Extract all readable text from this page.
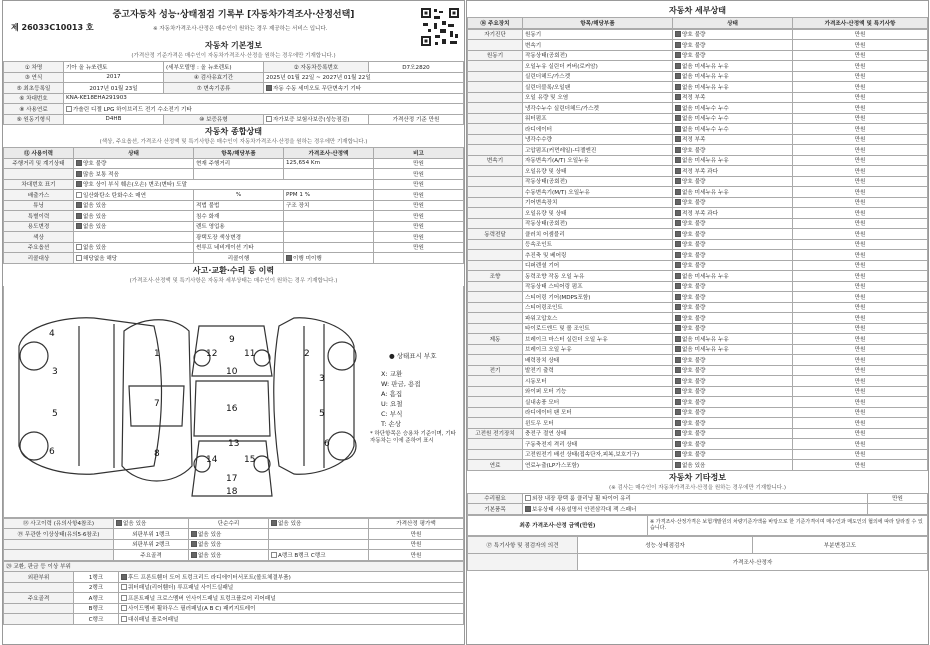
중고자동차 성능·상태점검 기록부 [자동차가격조사·산정선택]
제 26033C10013 호	※ 자동차가격조사·산정은 매수인이 원하는 경우 제공하는 서비스 입니다.
자동차 기본정보
(가격산정 기준가격은 매수인이 자동차가격조사·산정을 원하는 경우에만 기재합니다.)
① 차명	기아 올 뉴쏘렌토	(세부모델명 : 올 뉴쏘렌토)	② 자동차등록번호	D7오2820
③ 연식	2017	④ 검사유효기간	2025년 01월 22일 ~ 2027년 01월 22일	
⑤ 최초등록일	2017년 01월 23일	⑦ 변속기종류	자동 수동 세미오토 무단변속기 기타	
⑥ 차대번호	KNA-KE18EHA291903			
⑧ 사용연료	가솔린 디젤 LPG 하이브리드 전기 수소전기 기타			
⑨ 원동기형식	D4HB	⑩ 보증유형	자가보증 보험사보증(성능점검)	가격산정 기준 만원
자동차 종합상태
(색상, 주요옵션, 가격조사 산정액 및 특기사항은 매수인이 자동차가격조사·산정을 원하는 경우에만 기재합니다.)
⑪ 사용이력	상태	항목/해당부품	가격조사·산정액	비고
주행거리 및 계기상태	양호 불량	현재 주행거리	125,654 Km	만원
	많음 보통 적음			만원
차대번호 표기	양호 상이 부식 훼손(오손) 변조(변타) 도말			만원
배출가스	일산화탄소 탄화수소 매연	%	PPM 1 %	만원
튜닝	없음 있음	적법 불법	구조 장치	만원
특별이력	없음 있음	침수 화재		만원
용도변경	없음 있음	렌트 영업용		만원
색상		광택도장 색상변경		만원
주요옵션	없음 있음	썬루프 네비게이션 기타		만원
리콜대상	해당없음 해당	리콜이행	이행 미이행	
사고·교환·수리 등 이력
(가격조사·산정액 및 특기사항은 자동차 세부상태는 매수인이 원하는 경우 기재합니다.)
4
3
5
6
1
7
8
9
12	11
10
16
13
14	15
17
18
2
3
5
6
● 상태표시 부호
X: 교환
W: 판금, 용접
A: 흠집
U: 요철
C: 부식
T: 손상
* 하단항목은 승용차 기준이며, 기타 자동차는 이에 준하여 표시
⑱ 사고이력 (유의사항4참조)	없음 있음	단순수리	없음 있음	가격산정 평가액
⑲ 무관한 이상상태(유의5·6참조)	외판부위 1랭크	없음 있음		만원
	외판부위 2랭크	없음 있음		만원
	주요골격	없음 있음	A랭크 B랭크 C랭크	만원
⑳ 교환, 판금 등 이상 부위		
외판부위	1랭크	후드 프론트휀더 도어 트렁크리드 라디에이터서포트(볼트체결부품)
	2랭크	쿼터패널(리어휀더) 루프패널 사이드실패널
주요골격	A랭크	프론트패널 크로스멤버 인사이드패널 트렁크플로어 리어패널
	B랭크	사이드멤버 휠하우스 필러패널(A B C) 패키지트레이
	C랭크	대쉬패널 플로어패널
자동차 세부상태
⑯ 주요장치	항목/해당부품	상태	가격조사·산정액 및 특기사항
자기진단	원동기	양호 불량	만원
	변속기	양호 불량	만원
원동기	작동상태(공회전)	양호 불량	만원
	오일누유 실린더 커버(로커암)	없음 미세누유 누유	만원
	실린더헤드/가스켓	없음 미세누유 누유	만원
	실린더블록/오일팬	없음 미세누유 누유	만원
	오일 유량 및 오염	적정 부족	만원
	냉각수누수 실린더헤드/가스켓	없음 미세누수 누수	만원
	워터펌프	없음 미세누수 누수	만원
	라디에이터	없음 미세누수 누수	만원
	냉각수수량	적정 부족	만원
	고압펌프(커먼레일)-디젤엔진	양호 불량	만원
변속기	자동변속기(A/T) 오일누유	없음 미세누유 누유	만원
	오일유량 및 상태	적정 부족 과다	만원
	작동상태(공회전)	양호 불량	만원
	수동변속기(M/T) 오일누유	없음 미세누유 누유	만원
	기어변속장치	양호 불량	만원
	오일유량 및 상태	적정 부족 과다	만원
	작동상태(공회전)	양호 불량	만원
동력전달	클러치 어셈블리	양호 불량	만원
	등속조인트	양호 불량	만원
	추진축 및 베어링	양호 불량	만원
	디퍼렌셜 기어	양호 불량	만원
조향	동력조향 작동 오일 누유	없음 미세누유 누유	만원
	작동상태 스티어링 펌프	양호 불량	만원
	스티어링 기어(MDPS포함)	양호 불량	만원
	스티어링조인트	양호 불량	만원
	파워고압호스	양호 불량	만원
	타이로드엔드 및 볼 조인트	양호 불량	만원
제동	브레이크 마스터 실린더 오일 누유	없음 미세누유 누유	만원
	브레이크 오일 누유	없음 미세누유 누유	만원
	배력장치 상태	양호 불량	만원
전기	발전기 출력	양호 불량	만원
	시동모터	양호 불량	만원
	와이퍼 모터 기능	양호 불량	만원
	실내송풍 모터	양호 불량	만원
	라디에이터 팬 모터	양호 불량	만원
	윈도우 모터	양호 불량	만원
고전원 전기장치	충전구 절연 상태	양호 불량	만원
	구동축전지 격리 상태	양호 불량	만원
	고전원전기 배선 상태(접속단자,피복,보호기구)	양호 불량	만원
연료	연료누출(LP가스포함)	없음 있음	만원
자동차 기타정보
(※ 검사는 매수인이 자동차가격조사·산정을 원하는 경우에만 기재합니다.)
수리필요	외장 내장 광택 룸 클리닝 휠 타이어 유리	만원
기본품목	보유상태 사용설명서 안전삼각대 잭 스패너	
최종 가격조사·산정 금액(만원)	※ 가격조사·산정가격은 보험개발원의 차량기준가액을 바탕으로 한 기준가격이며 매수인과 매도인의 협의에 따라 달라질 수 있습니다.
⑰ 특기사항 및 점검자의 의견	성능·상태점검자	부분변경고도
	가격조사·산정자	
